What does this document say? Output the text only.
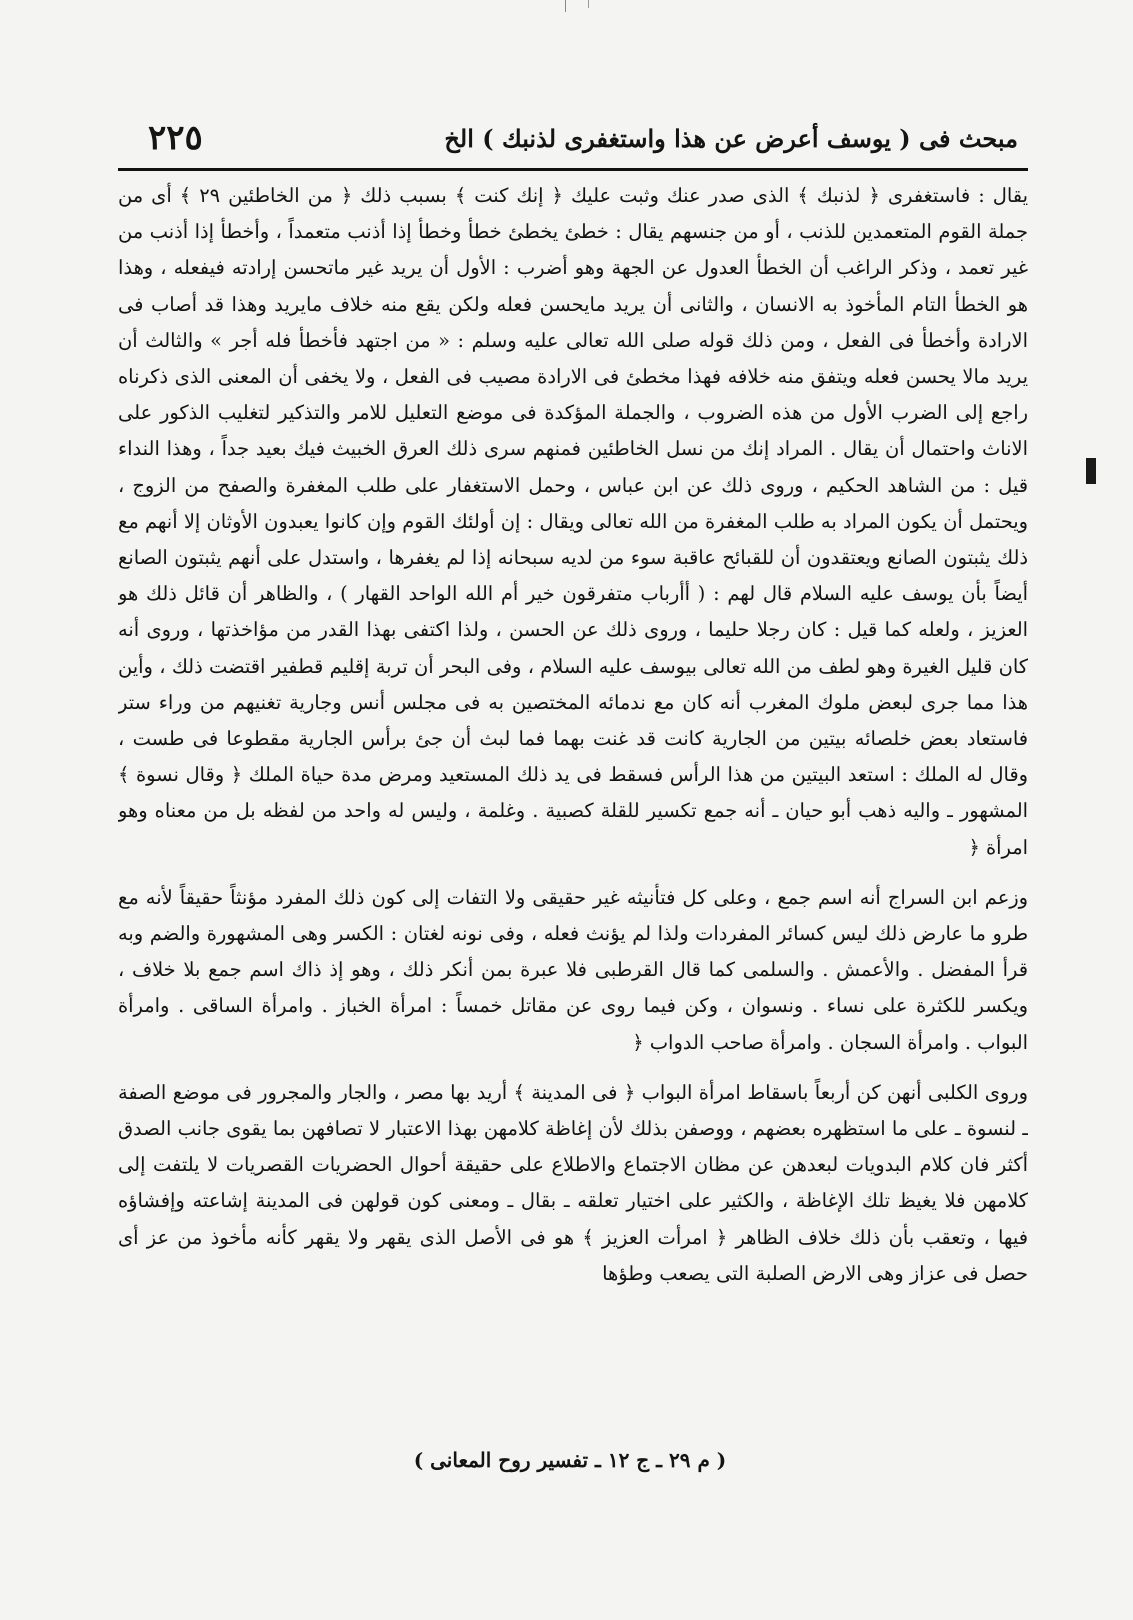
٢٢٥	مبحث فى ( يوسف أعرض عن هذا واستغفرى لذنبك ) الخ

يقال : فاستغفرى ﴿ لذنبك ﴾ الذى صدر عنك وثبت عليك ﴿ إنك كنت ﴾ بسبب ذلك ﴿ من الخاطئين ٢٩ ﴾ أى من جملة القوم المتعمدين للذنب ، أو من جنسهم يقال : خطئ يخطئ خطأ وخطأ إذا أذنب متعمداً ، وأخطأ إذا أذنب من غير تعمد ، وذكر الراغب أن الخطأ العدول عن الجهة وهو أضرب : الأول أن يريد غير ماتحسن إرادته فيفعله ، وهذا هو الخطأ التام المأخوذ به الانسان ، والثانى أن يريد مايحسن فعله ولكن يقع منه خلاف مايريد وهذا قد أصاب فى الارادة وأخطأ فى الفعل ، ومن ذلك قوله صلى الله تعالى عليه وسلم : « من اجتهد فأخطأ فله أجر » والثالث أن يريد مالا يحسن فعله ويتفق منه خلافه فهذا مخطئ فى الارادة مصيب فى الفعل ، ولا يخفى أن المعنى الذى ذكرناه راجع إلى الضرب الأول من هذه الضروب ، والجملة المؤكدة فى موضع التعليل للامر والتذكير لتغليب الذكور على الاناث واحتمال أن يقال . المراد إنك من نسل الخاطئين فمنهم سرى ذلك العرق الخبيث فيك بعيد جداً ، وهذا النداء قيل : من الشاهد الحكيم ، وروى ذلك عن ابن عباس ، وحمل الاستغفار على طلب المغفرة والصفح من الزوج ، ويحتمل أن يكون المراد به طلب المغفرة من الله تعالى ويقال : إن أولئك القوم وإن كانوا يعبدون الأوثان إلا أنهم مع ذلك يثبتون الصانع ويعتقدون أن للقبائح عاقبة سوء من لديه سبحانه إذا لم يغفرها ، واستدل على أنهم يثبتون الصانع أيضاً بأن يوسف عليه السلام قال لهم : ( أأرباب متفرقون خير أم الله الواحد القهار ) ، والظاهر أن قائل ذلك هو العزيز ، ولعله كما قيل : كان رجلا حليما ، وروى ذلك عن الحسن ، ولذا اكتفى بهذا القدر من مؤاخذتها ، وروى أنه كان قليل الغيرة وهو لطف من الله تعالى بيوسف عليه السلام ، وفى البحر أن تربة إقليم قطفير اقتضت ذلك ، وأين هذا مما جرى لبعض ملوك المغرب أنه كان مع ندمائه المختصين به فى مجلس أنس وجارية تغنيهم من وراء ستر فاستعاد بعض خلصائه بيتين من الجارية كانت قد غنت بهما فما لبث أن جئ برأس الجارية مقطوعا فى طست ، وقال له الملك : استعد البيتين من هذا الرأس فسقط فى يد ذلك المستعيد ومرض مدة حياة الملك ﴿ وقال نسوة ﴾ المشهور ـ واليه ذهب أبو حيان ـ أنه جمع تكسير للقلة كصبية . وغلمة ، وليس له واحد من لفظه بل من معناه وهو امرأة ﴿

وزعم ابن السراج أنه اسم جمع ، وعلى كل فتأنيثه غير حقيقى ولا التفات إلى كون ذلك المفرد مؤنثاً حقيقاً لأنه مع طرو ما عارض ذلك ليس كسائر المفردات ولذا لم يؤنث فعله ، وفى نونه لغتان : الكسر وهى المشهورة والضم وبه قرأ المفضل . والأعمش . والسلمى كما قال القرطبى فلا عبرة بمن أنكر ذلك ، وهو إذ ذاك اسم جمع بلا خلاف ، ويكسر للكثرة على نساء . ونسوان ، وكن فيما روى عن مقاتل خمساً : امرأة الخباز . وامرأة الساقى . وامرأة البواب . وامرأة السجان . وامرأة صاحب الدواب ﴿

وروى الكلبى أنهن كن أربعاً باسقاط امرأة البواب ﴿ فى المدينة ﴾ أريد بها مصر ، والجار والمجرور فى موضع الصفة ـ لنسوة ـ على ما استظهره بعضهم ، ووصفن بذلك لأن إغاظة كلامهن بهذا الاعتبار لا تصافهن بما يقوى جانب الصدق أكثر فان كلام البدويات لبعدهن عن مظان الاجتماع والاطلاع على حقيقة أحوال الحضريات القصريات لا يلتفت إلى كلامهن فلا يغيظ تلك الإغاظة ، والكثير على اختيار تعلقه ـ بقال ـ ومعنى كون قولهن فى المدينة إشاعته وإفشاؤه فيها ، وتعقب بأن ذلك خلاف الظاهر ﴿ امرأت العزيز ﴾ هو فى الأصل الذى يقهر ولا يقهر كأنه مأخوذ من عز أى حصل فى عزاز وهى الارض الصلبة التى يصعب وطؤها

( م ٢٩ ـ ج ١٢ ـ تفسير روح المعانى )
